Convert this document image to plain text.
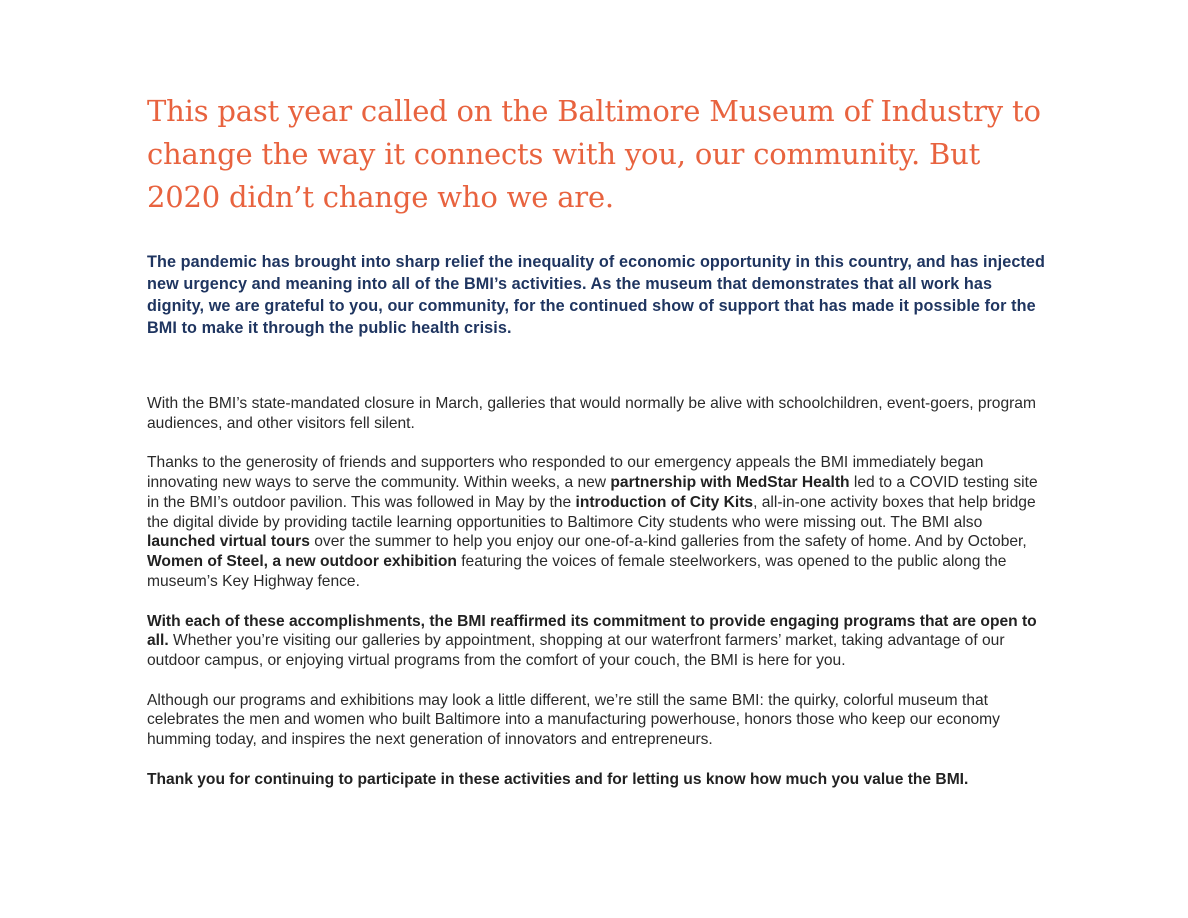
This past year called on the Baltimore Museum of Industry to change the way it connects with you, our community. But 2020 didn’t change who we are.

The pandemic has brought into sharp relief the inequality of economic opportunity in this country, and has injected new urgency and meaning into all of the BMI’s activities. As the museum that demonstrates that all work has dignity, we are grateful to you, our community, for the continued show of support that has made it possible for the BMI to make it through the public health crisis.

With the BMI’s state-mandated closure in March, galleries that would normally be alive with schoolchildren, event-goers, program audiences, and other visitors fell silent.

Thanks to the generosity of friends and supporters who responded to our emergency appeals the BMI immediately began innovating new ways to serve the community. Within weeks, a new partnership with MedStar Health led to a COVID testing site in the BMI’s outdoor pavilion. This was followed in May by the introduction of City Kits, all-in-one activity boxes that help bridge the digital divide by providing tactile learning opportunities to Baltimore City students who were missing out. The BMI also launched virtual tours over the summer to help you enjoy our one-of-a-kind galleries from the safety of home. And by October, Women of Steel, a new outdoor exhibition featuring the voices of female steelworkers, was opened to the public along the museum’s Key Highway fence.

With each of these accomplishments, the BMI reaffirmed its commitment to provide engaging programs that are open to all. Whether you’re visiting our galleries by appointment, shopping at our waterfront farmers’ market, taking advantage of our outdoor campus, or enjoying virtual programs from the comfort of your couch, the BMI is here for you.

Although our programs and exhibitions may look a little different, we’re still the same BMI: the quirky, colorful museum that celebrates the men and women who built Baltimore into a manufacturing powerhouse, honors those who keep our economy humming today, and inspires the next generation of innovators and entrepreneurs.

Thank you for continuing to participate in these activities and for letting us know how much you value the BMI.
